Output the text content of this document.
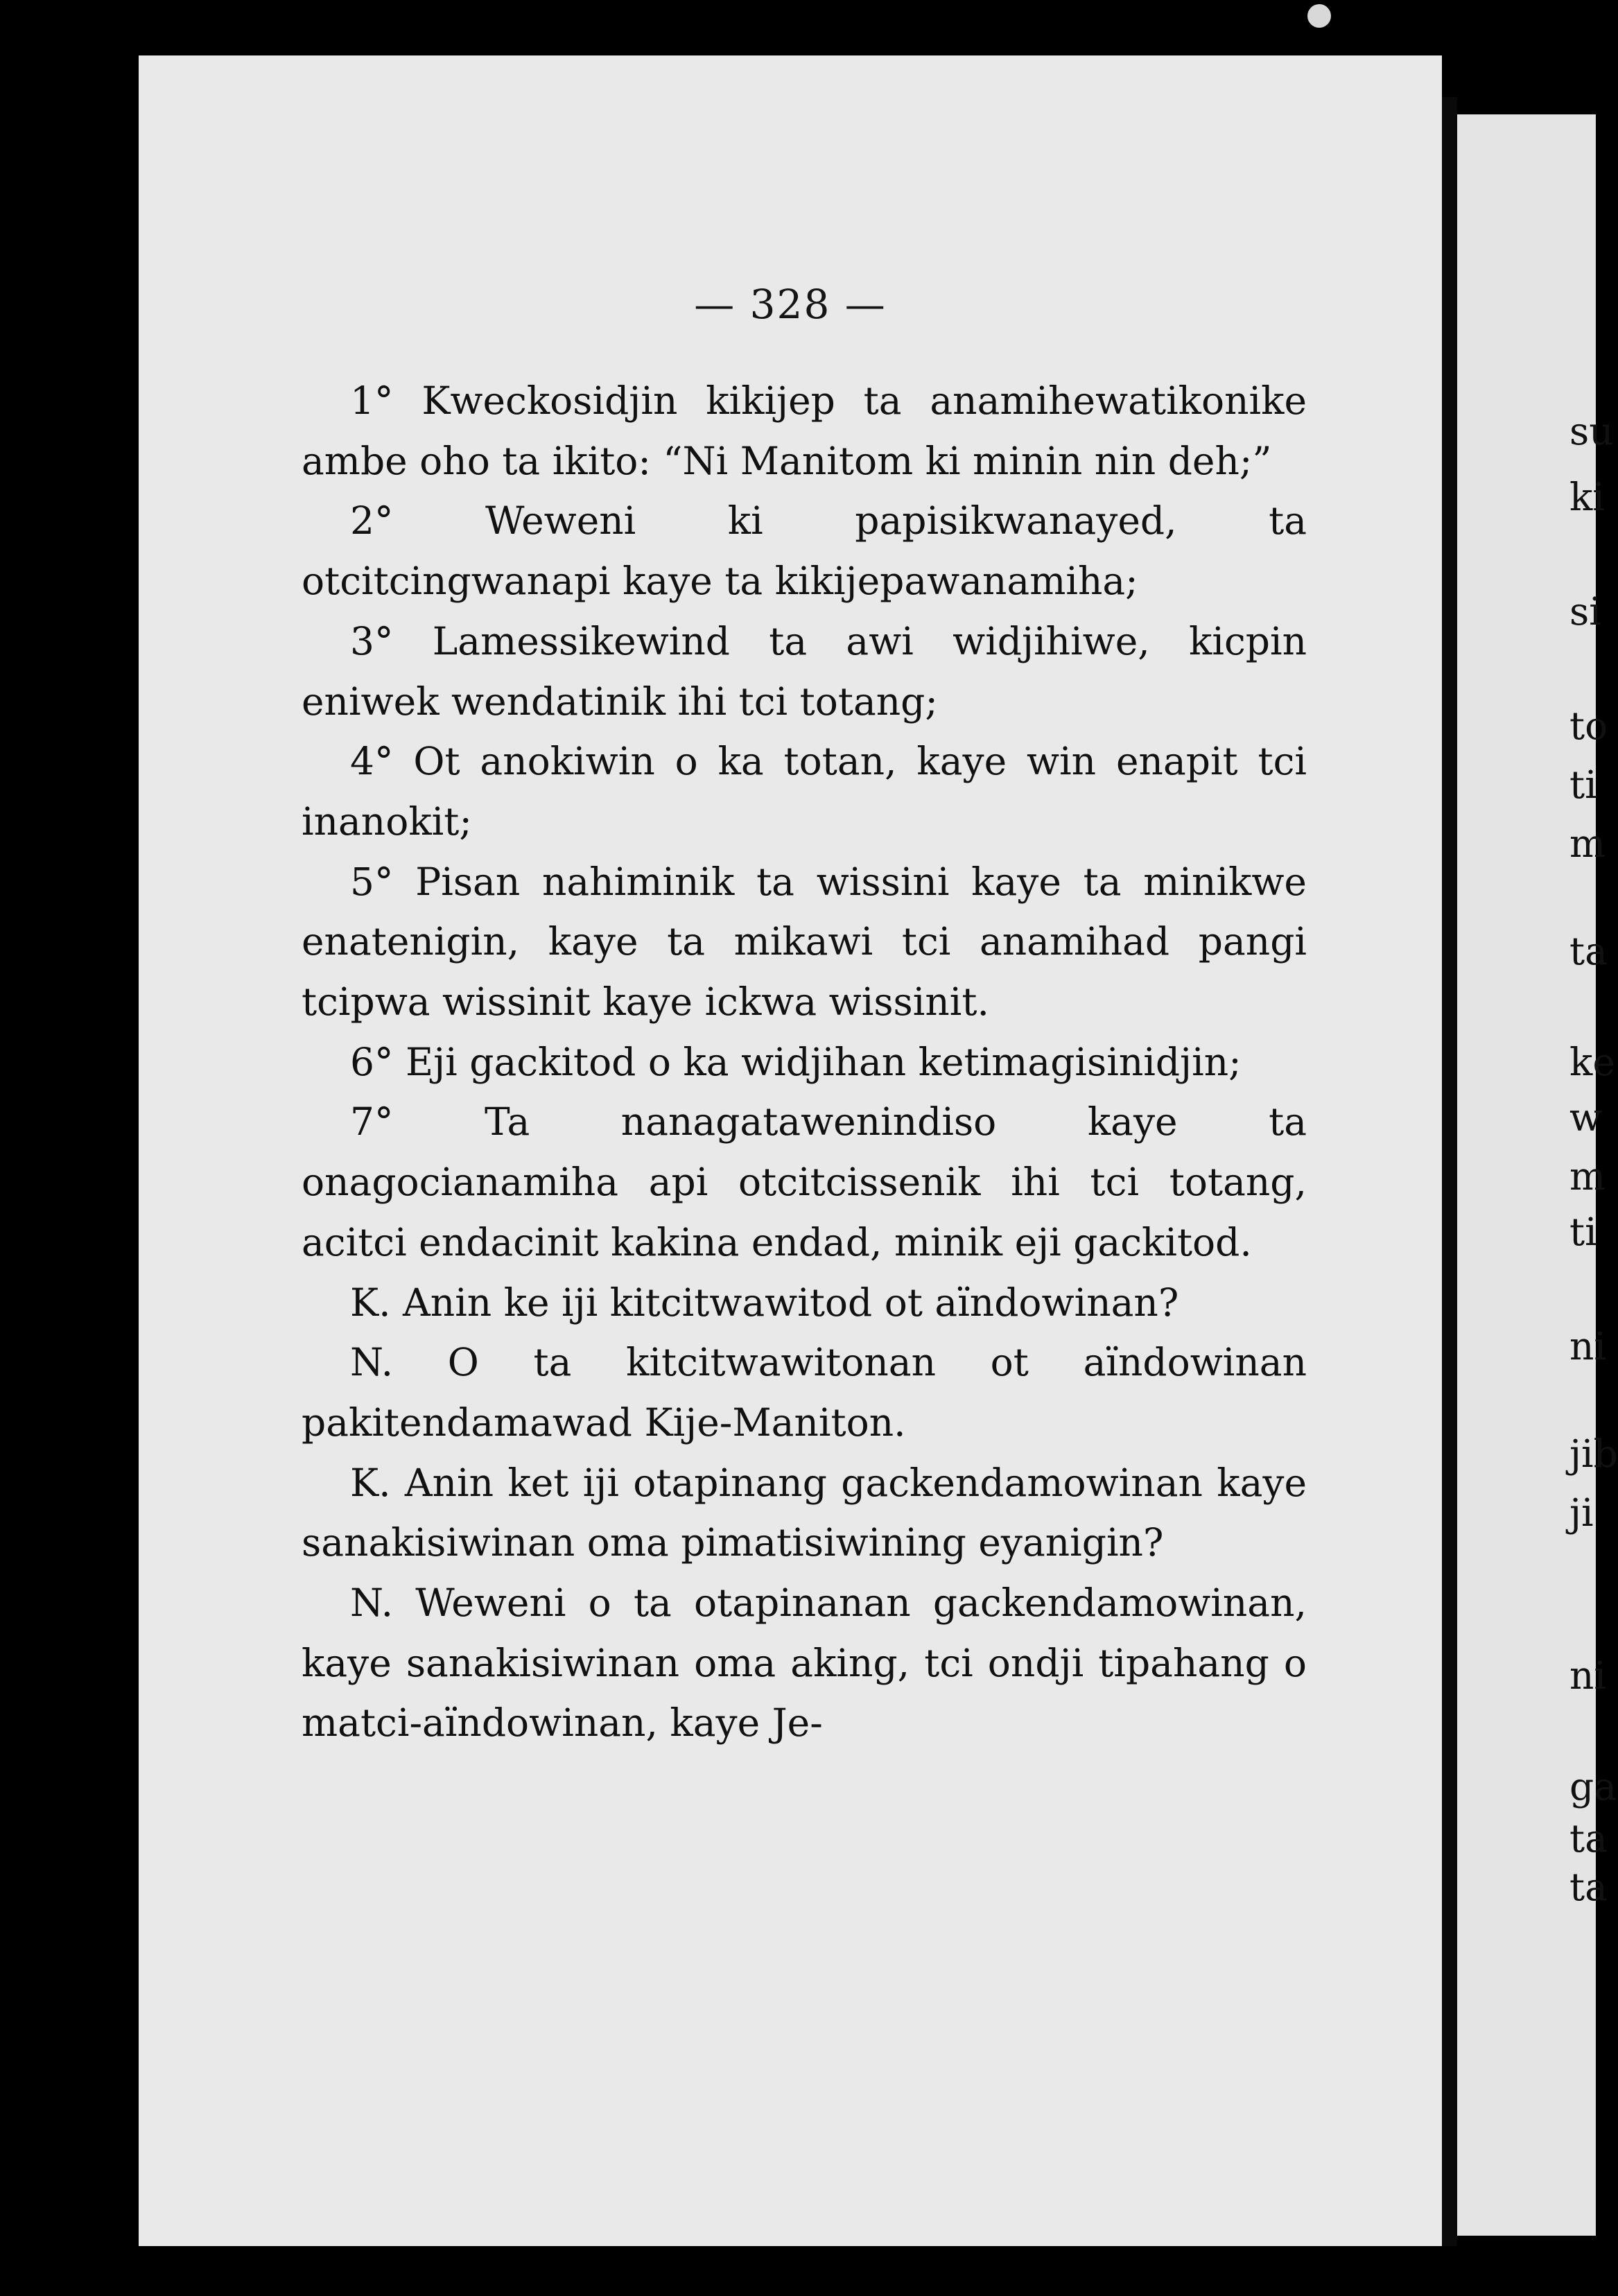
— 328 —

1° Kweckosidjin kikijep ta anamihewatikonike ambe oho ta ikito: “Ni Manitom ki minin nin deh;”

2° Weweni ki papisikwanayed, ta otcitcingwanapi kaye ta kikijepawanamiha;

3° Lamessikewind ta awi widjihiwe, kicpin eniwek wendatinik ihi tci totang;

4° Ot anokiwin o ka totan, kaye win enapit tci inanokit;

5° Pisan nahiminik ta wissini kaye ta minikwe enatenigin, kaye ta mikawi tci anamihad pangi tcipwa wissinit kaye ickwa wissinit.

6° Eji gackitod o ka widjihan ketimagisinidjin;

7° Ta nanagatawenindiso kaye ta onagocianamiha api otcitcissenik ihi tci totang, acitci endacinit kakina endad, minik eji gackitod.

K. Anin ke iji kitcitwawitod ot aïndowinan?

N. O ta kitcitwawitonan ot aïndowinan pakitendamawad Kije-Maniton.

K. Anin ket iji otapinang gackendamowinan kaye sanakisiwinan oma pimatisiwining eyanigin?

N. Weweni o ta otapinanan gackendamowinan, kaye sanakisiwinan oma aking, tci ondji tipahang o matci-aïndowinan, kaye Je-

su
ki
si
to
ti
m
ta
ke
w
m
ti
ni
jib
ji
ni
ga
ta
ta
